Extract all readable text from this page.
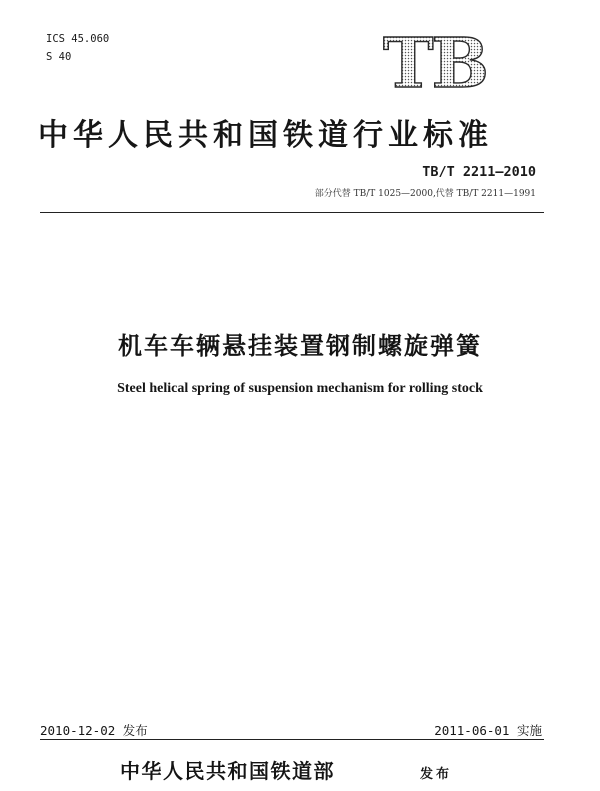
ICS 45.060
S 40	TB
中华人民共和国铁道行业标准
TB/T 2211—2010
部分代替 TB/T 1025—2000,代替 TB/T 2211—1991
机车车辆悬挂装置钢制螺旋弹簧
Steel helical spring of suspension mechanism for rolling stock
2010-12-02 发布	2011-06-01 实施
中华人民共和国铁道部	发布
